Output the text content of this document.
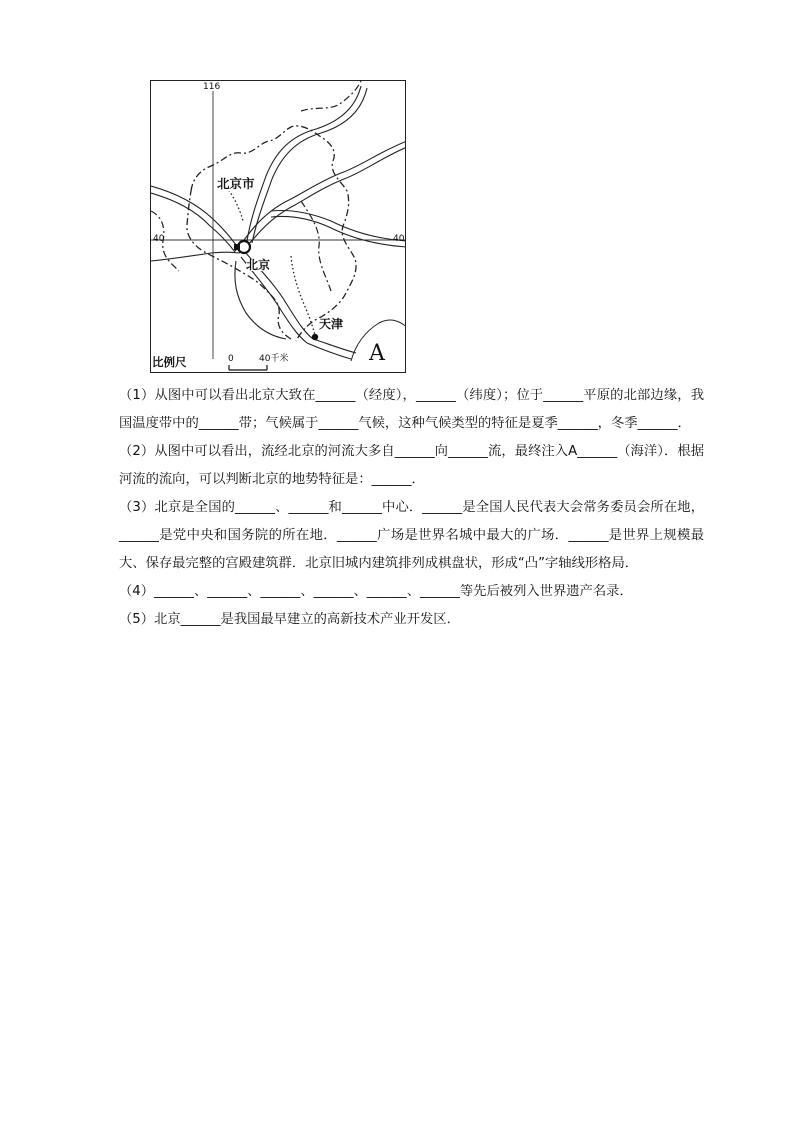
116
40	40
北京市
北京
天津
A
比例尺	0	40千米

（1）从图中可以看出北京大致在______（经度），______（纬度）；位于______平原的北部边缘，我国温度带中的______带；气候属于______气候，这种气候类型的特征是夏季______，冬季______．

（2）从图中可以看出，流经北京的河流大多自______向______流，最终注入A______（海洋）．根据河流的流向，可以判断北京的地势特征是：______．

（3）北京是全国的______、______和______中心．______是全国人民代表大会常务委员会所在地，______是党中央和国务院的所在地．______广场是世界名城中最大的广场．______是世界上规模最大、保存最完整的宫殿建筑群．北京旧城内建筑排列成棋盘状，形成“凸”字轴线形格局．

（4）______、______、______、______、______、______等先后被列入世界遗产名录．

（5）北京______是我国最早建立的高新技术产业开发区．
